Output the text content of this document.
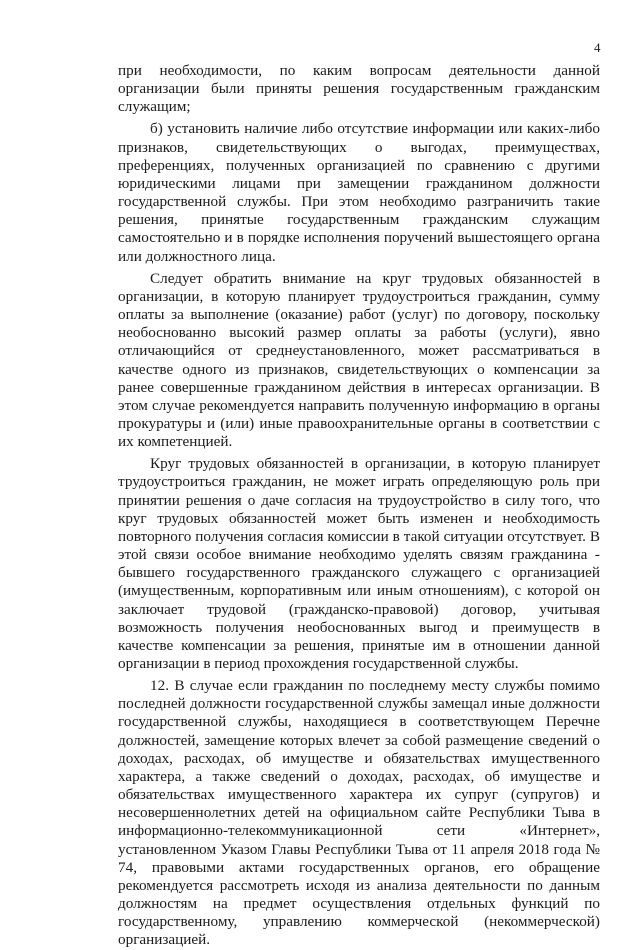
4

при необходимости, по каким вопросам деятельности данной организации были приняты решения государственным гражданским служащим;

б) установить наличие либо отсутствие информации или каких-либо признаков, свидетельствующих о выгодах, преимуществах, преференциях, полученных организацией по сравнению с другими юридическими лицами при замещении гражданином должности государственной службы. При этом необходимо разграничить такие решения, принятые государственным гражданским служащим самостоятельно и в порядке исполнения поручений вышестоящего органа или должностного лица.

Следует обратить внимание на круг трудовых обязанностей в организации, в которую планирует трудоустроиться гражданин, сумму оплаты за выполнение (оказание) работ (услуг) по договору, поскольку необоснованно высокий размер оплаты за работы (услуги), явно отличающийся от среднеустановленного, может рассматриваться в качестве одного из признаков, свидетельствующих о компенсации за ранее совершенные гражданином действия в интересах организации. В этом случае рекомендуется направить полученную информацию в органы прокуратуры и (или) иные правоохранительные органы в соответствии с их компетенцией.

Круг трудовых обязанностей в организации, в которую планирует трудоустроиться гражданин, не может играть определяющую роль при принятии решения о даче согласия на трудоустройство в силу того, что круг трудовых обязанностей может быть изменен и необходимость повторного получения согласия комиссии в такой ситуации отсутствует. В этой связи особое внимание необходимо уделять связям гражданина - бывшего государственного гражданского служащего с организацией (имущественным, корпоративным или иным отношениям), с которой он заключает трудовой (гражданско-правовой) договор, учитывая возможность получения необоснованных выгод и преимуществ в качестве компенсации за решения, принятые им в отношении данной организации в период прохождения государственной службы.

12. В случае если гражданин по последнему месту службы помимо последней должности государственной службы замещал иные должности государственной службы, находящиеся в соответствующем Перечне должностей, замещение которых влечет за собой размещение сведений о доходах, расходах, об имуществе и обязательствах имущественного характера, а также сведений о доходах, расходах, об имуществе и обязательствах имущественного характера их супруг (супругов) и несовершеннолетних детей на официальном сайте Республики Тыва в информационно-телекоммуникационной сети «Интернет», установленном Указом Главы Республики Тыва от 11 апреля 2018 года № 74, правовыми актами государственных органов, его обращение рекомендуется рассмотреть исходя из анализа деятельности по данным должностям на предмет осуществления отдельных функций по государственному, управлению коммерческой (некоммерческой) организацией.
